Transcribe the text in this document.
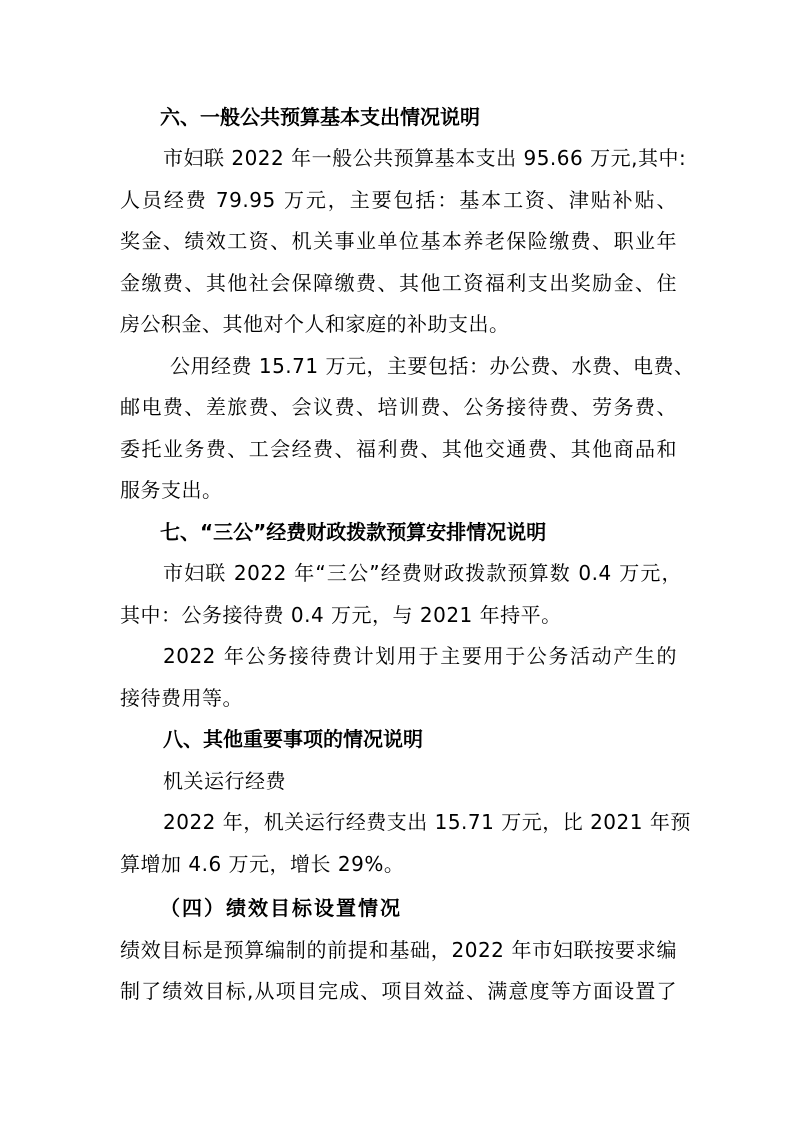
六、一般公共预算基本支出情况说明
市妇联 2022 年一般公共预算基本支出 95.66 万元,其中:
人员经费 79.95 万元，主要包括：基本工资、津贴补贴、
奖金、绩效工资、机关事业单位基本养老保险缴费、职业年
金缴费、其他社会保障缴费、其他工资福利支出奖励金、住
房公积金、其他对个人和家庭的补助支出。
公用经费 15.71 万元，主要包括：办公费、水费、电费、
邮电费、差旅费、会议费、培训费、公务接待费、劳务费、
委托业务费、工会经费、福利费、其他交通费、其他商品和
服务支出。
七、“三公”经费财政拨款预算安排情况说明
市妇联 2022 年“三公”经费财政拨款预算数 0.4 万元，
其中：公务接待费 0.4 万元，与 2021 年持平。
2022 年公务接待费计划用于主要用于公务活动产生的
接待费用等。
八、其他重要事项的情况说明
机关运行经费
2022 年，机关运行经费支出 15.71 万元，比 2021 年预
算增加 4.6 万元，增长 29%。
（四）绩效目标设置情况
绩效目标是预算编制的前提和基础，2022 年市妇联按要求编
制了绩效目标,从项目完成、项目效益、满意度等方面设置了
